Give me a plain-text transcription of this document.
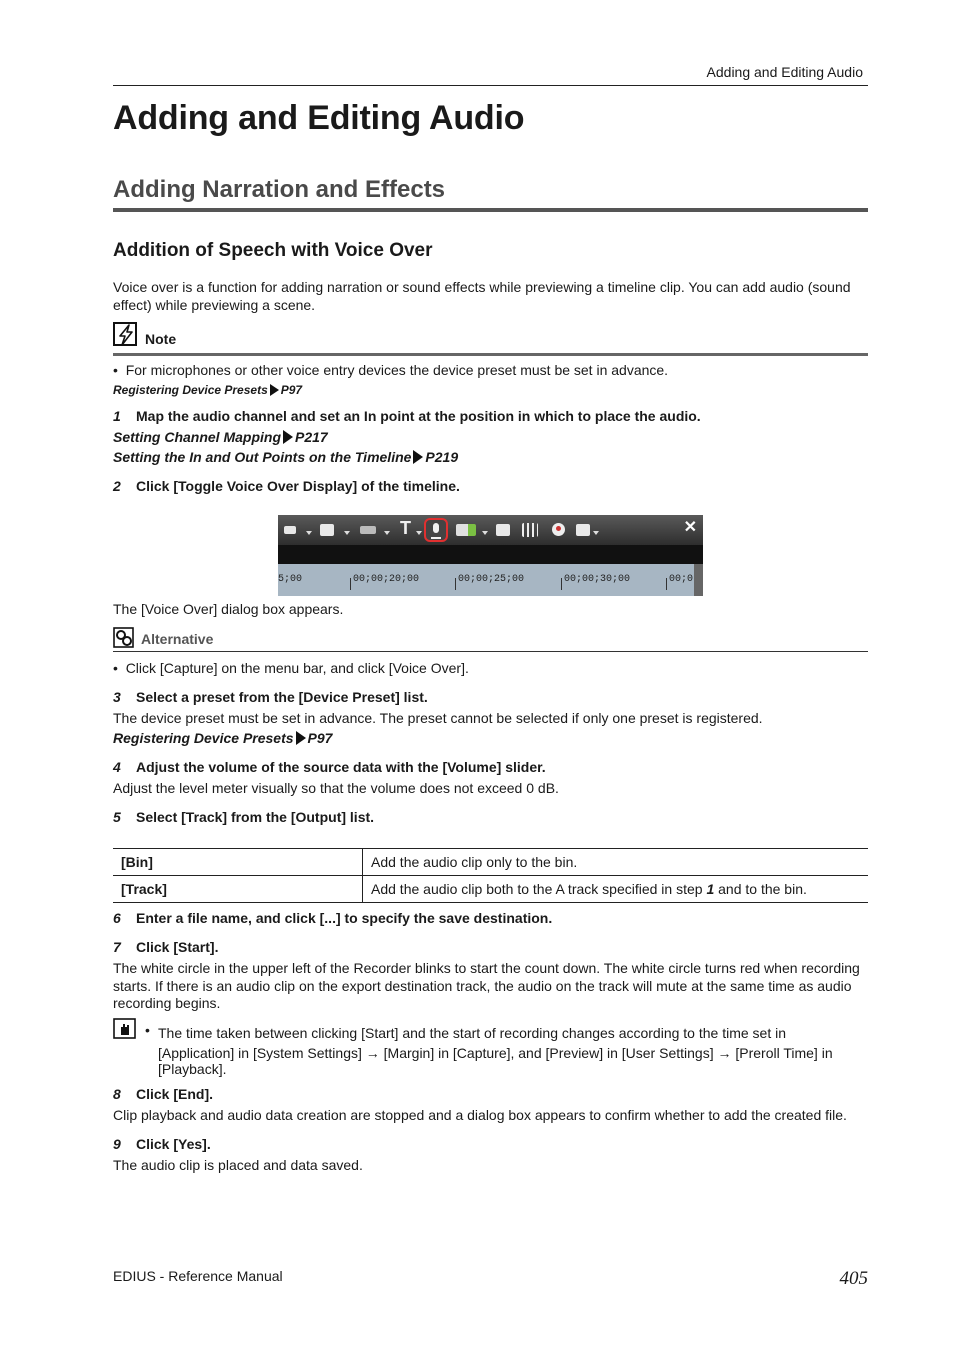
Adding and Editing Audio
Adding and Editing Audio
Adding Narration and Effects
Addition of Speech with Voice Over
Voice over is a function for adding narration or sound effects while previewing a timeline clip. You can add audio (sound effect) while previewing a scene.
Note
•  For microphones or other voice entry devices the device preset must be set in advance.
Registering Device Presets P97
1 Map the audio channel and set an In point at the position in which to place the audio.
Setting Channel Mapping P217
Setting the In and Out Points on the Timeline P219
2 Click [Toggle Voice Over Display] of the timeline.
T	✕
5;00	00;00;20;00	00;00;25;00	00;00;30;00	00;0
The [Voice Over] dialog box appears.
Alternative
•  Click [Capture] on the menu bar, and click [Voice Over].
3 Select a preset from the [Device Preset] list.
The device preset must be set in advance. The preset cannot be selected if only one preset is registered.
Registering Device Presets P97
4 Adjust the volume of the source data with the [Volume] slider.
Adjust the level meter visually so that the volume does not exceed 0 dB.
5 Select [Track] from the [Output] list.
[Bin]	Add the audio clip only to the bin.
[Track]	Add the audio clip both to the A track specified in step 1 and to the bin.
6 Enter a file name, and click [...] to specify the save destination.
7 Click [Start].
The white circle in the upper left of the Recorder blinks to start the count down. The white circle turns red when recording starts. If there is an audio clip on the export destination track, the audio on the track will mute at the same time as audio recording begins.
• The time taken between clicking [Start] and the start of recording changes according to the time set in
[Application] in [System Settings] → [Margin] in [Capture], and [Preview] in [User Settings] → [Preroll Time] in
[Playback].
8 Click [End].
Clip playback and audio data creation are stopped and a dialog box appears to confirm whether to add the created file.
9 Click [Yes].
The audio clip is placed and data saved.
EDIUS - Reference Manual	405
